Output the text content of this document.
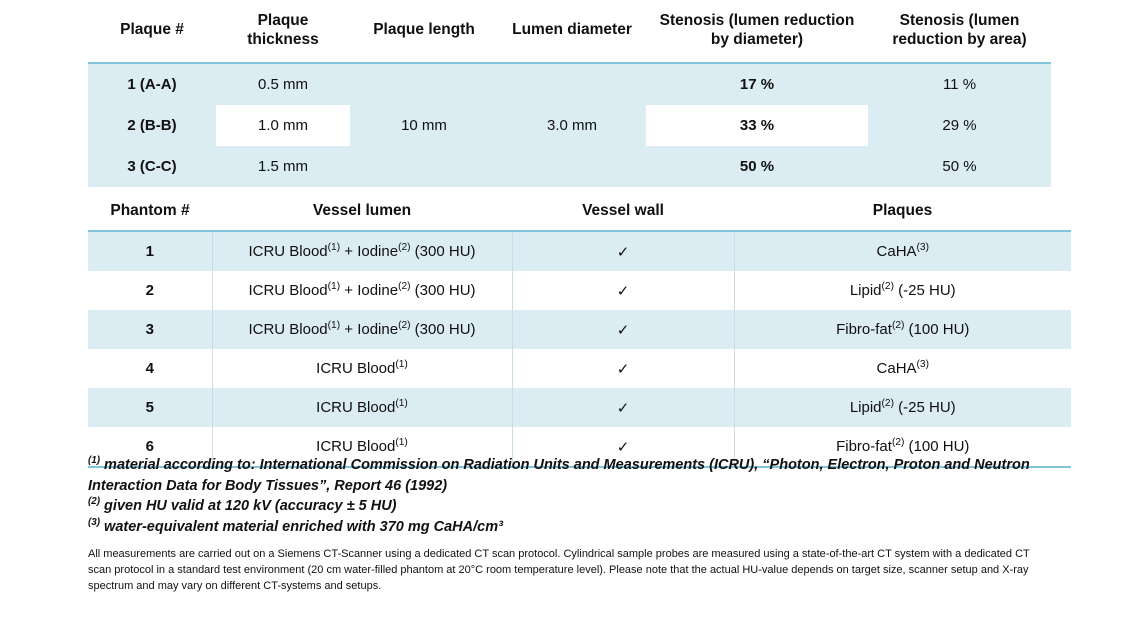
Plaque #	Plaque thickness	Plaque length	Lumen diameter	Stenosis (lumen reduction by diameter)	Stenosis (lumen reduction by area)
1 (A-A)	0.5 mm	10 mm	3.0 mm	17 %	11 %
2 (B-B)	1.0 mm			33 %	29 %
3 (C-C)	1.5 mm			50 %	50 %
Phantom #	Vessel lumen	Vessel wall	Plaques
1	ICRU Blood$^{(1)}$ + Iodine$^{(2)}$ (300 HU)	✓	CaHA$^{(3)}$
2	ICRU Blood$^{(1)}$ + Iodine$^{(2)}$ (300 HU)	✓	Lipid$^{(2)}$ (-25 HU)
3	ICRU Blood$^{(1)}$ + Iodine$^{(2)}$ (300 HU)	✓	Fibro-fat$^{(2)}$ (100 HU)
4	ICRU Blood$^{(1)}$	✓	CaHA$^{(3)}$
5	ICRU Blood$^{(1)}$	✓	Lipid$^{(2)}$ (-25 HU)
6	ICRU Blood$^{(1)}$	✓	Fibro-fat$^{(2)}$ (100 HU)

$^{(1)}$ material according to: International Commission on Radiation Units and Measurements (ICRU), “Photon, Electron, Proton and Neutron Interaction Data for Body Tissues”, Report 46 (1992)

$^{(2)}$ given HU valid at 120 kV (accuracy ± 5 HU)

$^{(3)}$ water-equivalent material enriched with 370 mg CaHA/cm³

All measurements are carried out on a Siemens CT-Scanner using a dedicated CT scan protocol. Cylindrical sample probes are measured using a state-of-the-art CT system with a dedicated CT scan protocol in a standard test environment (20 cm water-filled phantom at 20°C room temperature level). Please note that the actual HU-value depends on target size, scanner setup and X-ray spectrum and may vary on different CT-systems and setups.
